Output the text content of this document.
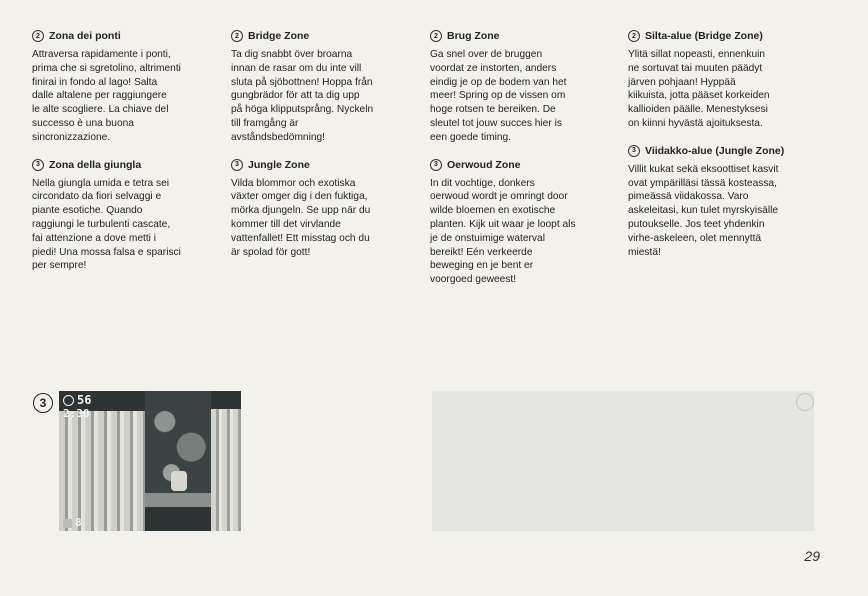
2 Zona dei ponti

Attraversa rapidamente i ponti,
prima che si sgretolino, altrimenti
finirai in fondo al lago! Salta
dalle altalene per raggiungere
le alte scogliere. La chiave del
successo è una buona
sincronizzazione.

3 Zona della giungla

Nella giungla umida e tetra sei
circondato da fiori selvaggi e
piante esotiche. Quando
raggiungi le turbulenti cascate,
fai attenzione a dove metti i
piedi! Una mossa falsa e sparisci
per sempre!

2 Bridge Zone

Ta dig snabbt över broarna
innan de rasar om du inte vill
sluta på sjöbottnen! Hoppa från
gungbrädor för att ta dig upp
på höga klipputsprång. Nyckeln
till framgång är
avståndsbedömning!

3 Jungle Zone

Vilda blommor och exotiska
växter omger dig i den fuktiga,
mörka djungeln. Se upp när du
kommer till det virvlande
vattenfallet! Ett misstag och du
är spolad för gott!

2 Brug Zone

Ga snel over de bruggen
voordat ze instorten, anders
eindig je op de bodem van het
meer! Spring op de vissen om
hoge rotsen te bereiken. De
sleutel tot jouw succes hier is
een goede timing.

3 Oerwoud Zone

In dit vochtige, donkers
oerwoud wordt je omringt door
wilde bloemen en exotische
planten. Kijk uit waar je loopt als
je de onstuimige waterval
bereikt! Eén verkeerde
beweging en je bent er
voorgoed geweest!

2 Silta-alue (Bridge Zone)

Ylitä sillat nopeasti, ennenkuin
ne sortuvat tai muuten päädyt
järven pohjaan! Hyppää
kiikuista, jotta pääset korkeiden
kallioiden päälle. Menestyksesi
on kiinni hyvästä ajoituksesta.

3 Viidakko-alue (Jungle Zone)

Villit kukat sekä eksoottiset kasvit
ovat ympärilläsi tässä kosteassa,
pimeässä viidakossa. Varo
askeleitasi, kun tulet myrskyisälle
putoukselle. Jos teet yhdenkin
virhe-askeleen, olet mennyttä
miestä!

3	56
2:30
8
29
